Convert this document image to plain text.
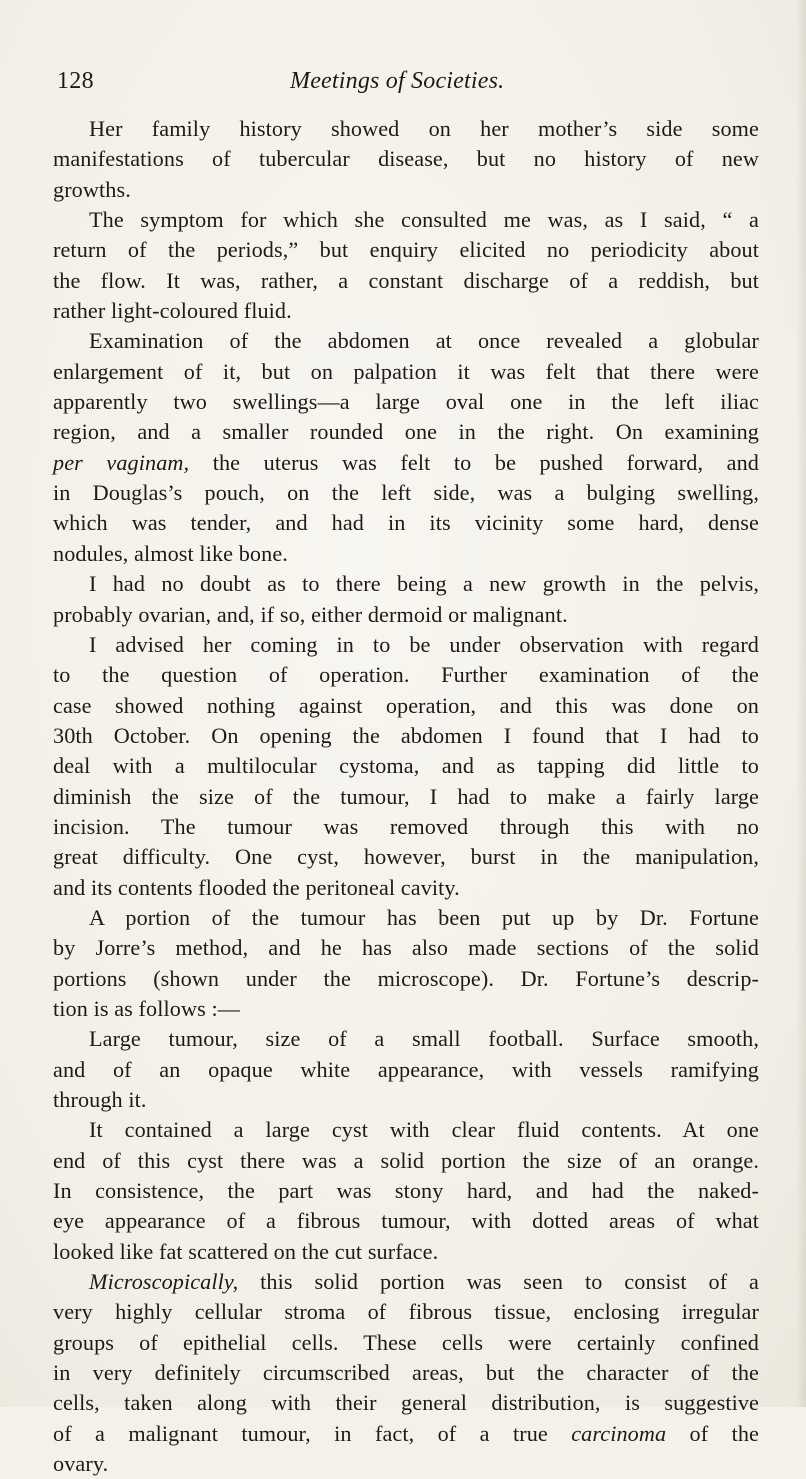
128	Meetings of Societies.
Her family history showed on her mother’s side some
manifestations of tubercular disease, but no history of new
growths.
The symptom for which she consulted me was, as I said, “ a
return of the periods,” but enquiry elicited no periodicity about
the flow. It was, rather, a constant discharge of a reddish, but
rather light-coloured fluid.
Examination of the abdomen at once revealed a globular
enlargement of it, but on palpation it was felt that there were
apparently two swellings—a large oval one in the left iliac
region, and a smaller rounded one in the right. On examining
per vaginam, the uterus was felt to be pushed forward, and
in Douglas’s pouch, on the left side, was a bulging swelling,
which was tender, and had in its vicinity some hard, dense
nodules, almost like bone.
I had no doubt as to there being a new growth in the pelvis,
probably ovarian, and, if so, either dermoid or malignant.
I advised her coming in to be under observation with regard
to the question of operation. Further examination of the
case showed nothing against operation, and this was done on
30th October. On opening the abdomen I found that I had to
deal with a multilocular cystoma, and as tapping did little to
diminish the size of the tumour, I had to make a fairly large
incision. The tumour was removed through this with no
great difficulty. One cyst, however, burst in the manipulation,
and its contents flooded the peritoneal cavity.
A portion of the tumour has been put up by Dr. Fortune
by Jorre’s method, and he has also made sections of the solid
portions (shown under the microscope). Dr. Fortune’s descrip-
tion is as follows :—
Large tumour, size of a small football. Surface smooth,
and of an opaque white appearance, with vessels ramifying
through it.
It contained a large cyst with clear fluid contents. At one
end of this cyst there was a solid portion the size of an orange.
In consistence, the part was stony hard, and had the naked-
eye appearance of a fibrous tumour, with dotted areas of what
looked like fat scattered on the cut surface.
Microscopically, this solid portion was seen to consist of a
very highly cellular stroma of fibrous tissue, enclosing irregular
groups of epithelial cells. These cells were certainly confined
in very definitely circumscribed areas, but the character of the
cells, taken along with their general distribution, is suggestive
of a malignant tumour, in fact, of a true carcinoma of the
ovary.
